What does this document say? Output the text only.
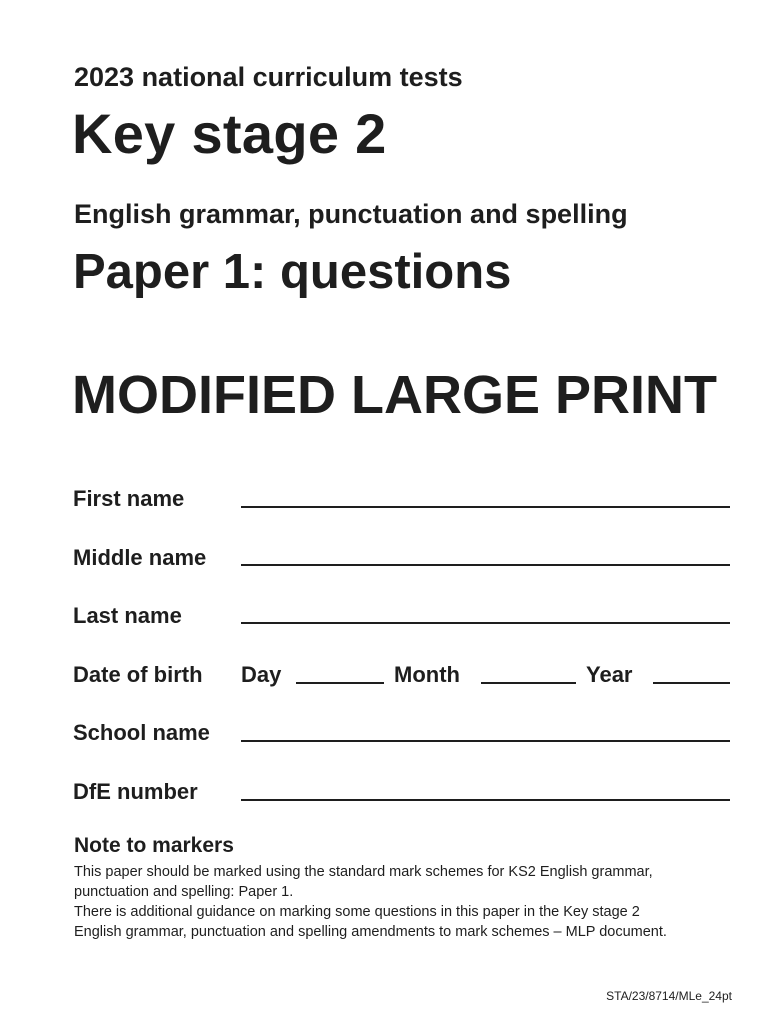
2023 national curriculum tests
Key stage 2
English grammar, punctuation and spelling
Paper 1: questions
MODIFIED LARGE PRINT
First name
Middle name
Last name
Date of birth Day	Month	Year
School name
DfE number
Note to markers
This paper should be marked using the standard mark schemes for KS2 English grammar,
punctuation and spelling: Paper 1.
There is additional guidance on marking some questions in this paper in the Key stage 2
English grammar, punctuation and spelling amendments to mark schemes – MLP document.
STA/23/8714/MLe_24pt
